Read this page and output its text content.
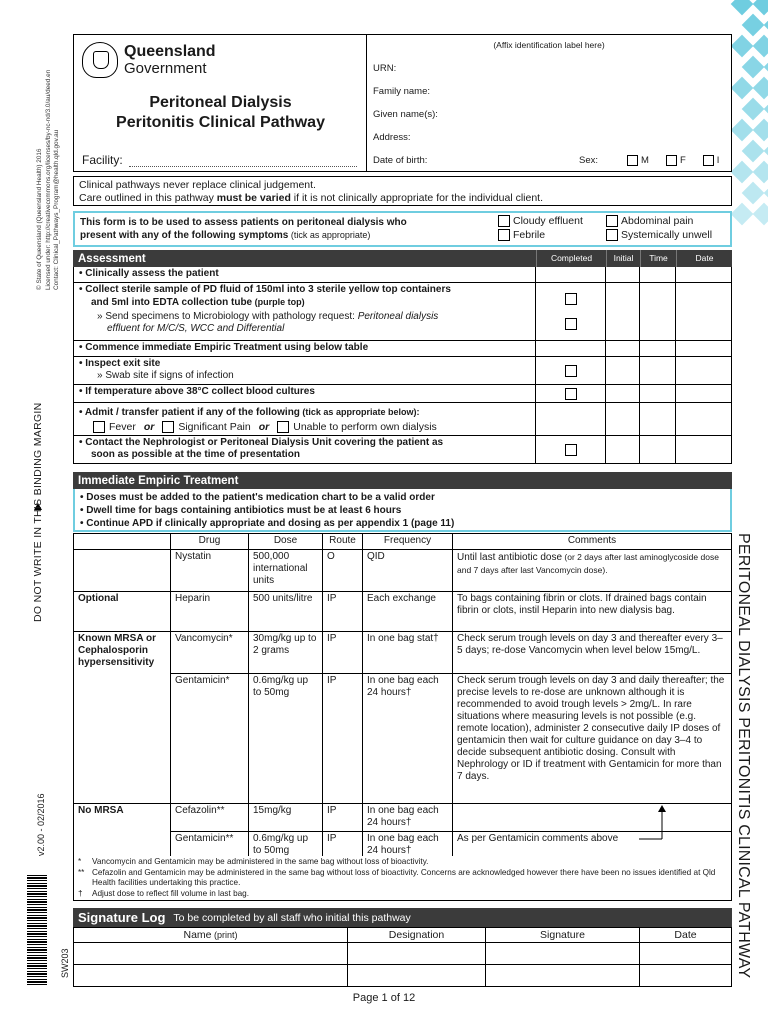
© State of Queensland (Queensland Health) 2016 Licensed under: http://creativecommons.org/licenses/by-nc-nd/3.0/au/deed.en Contact: Clinical_Pathways_Program@health.qld.gov.au
DO NOT WRITE IN THIS BINDING MARGIN
v2.00 - 02/2016
SW203	PERITONEAL DIALYSIS PERITONITIS CLINICAL PATHWAY
Queensland
Government
Peritoneal Dialysis
Peritonitis Clinical Pathway
Facility:
(Affix identification label here)
URN:
Family name:
Given name(s):
Address:
Date of birth:	Sex:	M	F	I
Clinical pathways never replace clinical judgement.
Care outlined in this pathway must be varied if it is not clinically appropriate for the individual client.
This form is to be used to assess patients on peritoneal dialysis who
present with any of the following symptoms (tick as appropriate)
Cloudy effluent	Abdominal pain
Febrile	Systemically unwell
Assessment	Completed	Initial	Time	Date
• Clinically assess the patient
• Collect sterile sample of PD fluid of 150ml into 3 sterile yellow top containers
and 5ml into EDTA collection tube (purple top)
» Send specimens to Microbiology with pathology request: Peritoneal dialysis
effluent for M/C/S, WCC and Differential
• Commence immediate Empiric Treatment using below table
• Inspect exit site
» Swab site if signs of infection
• If temperature above 38°C collect blood cultures
• Admit / transfer patient if any of the following (tick as appropriate below):
Fever or Significant Pain or Unable to perform own dialysis
• Contact the Nephrologist or Peritoneal Dialysis Unit covering the patient as
soon as possible at the time of presentation
Immediate Empiric Treatment
• Doses must be added to the patient's medication chart to be a valid order
• Dwell time for bags containing antibiotics must be at least 6 hours
• Continue APD if clinically appropriate and dosing as per appendix 1 (page 11)
	Drug	Dose	Route	Frequency	Comments
	Nystatin	500,000 international units	O	QID	Until last antibiotic dose (or 2 days after last aminoglycoside dose and 7 days after last Vancomycin dose).
Optional	Heparin	500 units/litre	IP	Each exchange	To bags containing fibrin or clots. If drained bags contain fibrin or clots, instil Heparin into new dialysis bag.
Known MRSA or Cephalosporin hypersensitivity	Vancomycin*	30mg/kg up to 2 grams	IP	In one bag stat†	Check serum trough levels on day 3 and thereafter every 3–5 days; re-dose Vancomycin when level below 15mg/L.
	Gentamicin*	0.6mg/kg up to 50mg	IP	In one bag each 24 hours†	Check serum trough levels on day 3 and daily thereafter; the precise levels to re-dose are unknown although it is recommended to avoid trough levels > 2mg/L. In rare situations where measuring levels is not possible (e.g. remote location), administer 2 consecutive daily IP doses of gentamicin then wait for culture guidance on day 3–4 to decide subsequent antibiotic dosing. Consult with Nephrology or ID if treatment with Gentamicin for more than 7 days.
No MRSA	Cefazolin**	15mg/kg	IP	In one bag each 24 hours†	

	Gentamicin**	0.6mg/kg up to 50mg	IP	In one bag each 24 hours†	As per Gentamicin comments above
*	Vancomycin and Gentamicin may be administered in the same bag without loss of bioactivity.
** Cefazolin and Gentamicin may be administered in the same bag without loss of bioactivity. Concerns are acknowledged however there have been no issues identified at Qld Health facilities undertaking this practice.
†	Adjust dose to reflect fill volume in last bag.
Signature Log To be completed by all staff who initial this pathway
Name (print)	Designation	Signature	Date

Page 1 of 12
